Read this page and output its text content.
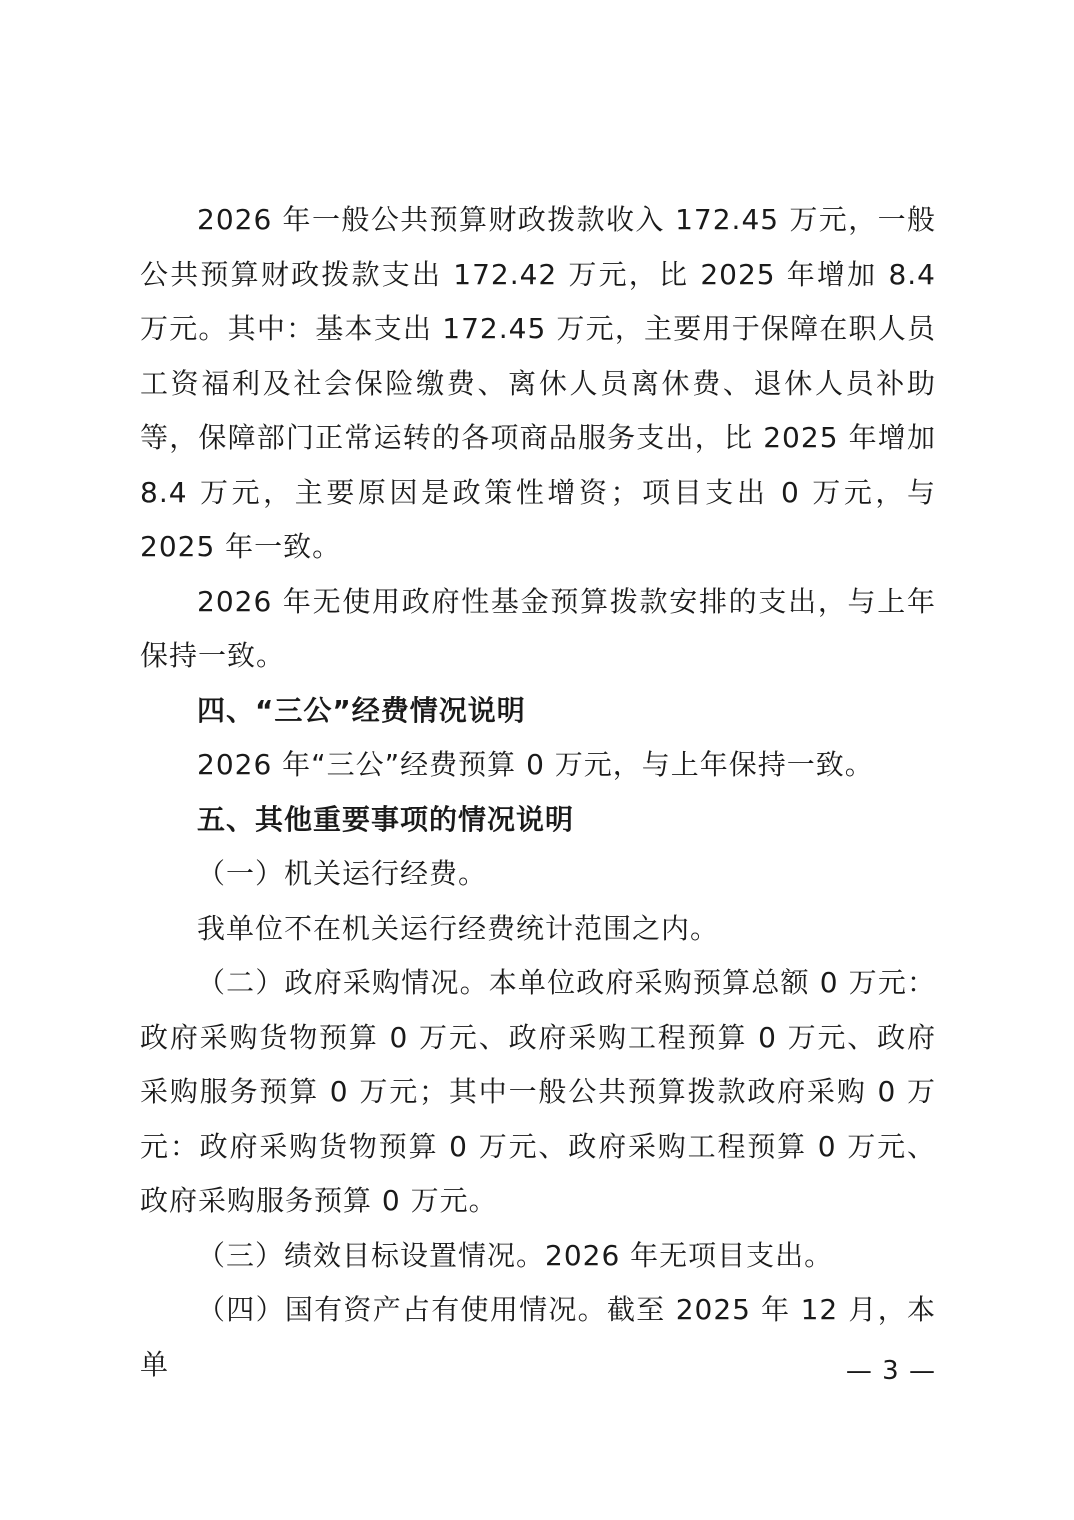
2026 年一般公共预算财政拨款收入 172.45 万元，一般公共预算财政拨款支出 172.42 万元，比 2025 年增加 8.4 万元。其中：基本支出 172.45 万元，主要用于保障在职人员工资福利及社会保险缴费、离休人员离休费、退休人员补助等，保障部门正常运转的各项商品服务支出，比 2025 年增加 8.4 万元，主要原因是政策性增资；项目支出 0 万元，与 2025 年一致。

2026 年无使用政府性基金预算拨款安排的支出，与上年保持一致。

四、“三公”经费情况说明

2026 年“三公”经费预算 0 万元，与上年保持一致。

五、其他重要事项的情况说明

（一）机关运行经费。

我单位不在机关运行经费统计范围之内。

（二）政府采购情况。本单位政府采购预算总额 0 万元：政府采购货物预算 0 万元、政府采购工程预算 0 万元、政府采购服务预算 0 万元；其中一般公共预算拨款政府采购 0 万元：政府采购货物预算 0 万元、政府采购工程预算 0 万元、政府采购服务预算 0 万元。

（三）绩效目标设置情况。2026 年无项目支出。

（四）国有资产占有使用情况。截至 2025 年 12 月，本单	— 3 —
